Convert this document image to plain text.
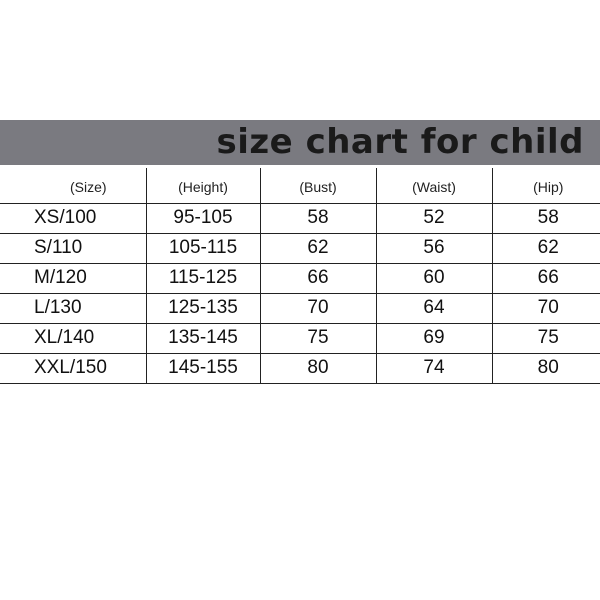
size chart for child
(Size)	(Height)	(Bust)	(Waist)	(Hip)
XS/100	95-105	58	52	58
S/110	105-115	62	56	62
M/120	115-125	66	60	66
L/130	125-135	70	64	70
XL/140	135-145	75	69	75
XXL/150	145-155	80	74	80
